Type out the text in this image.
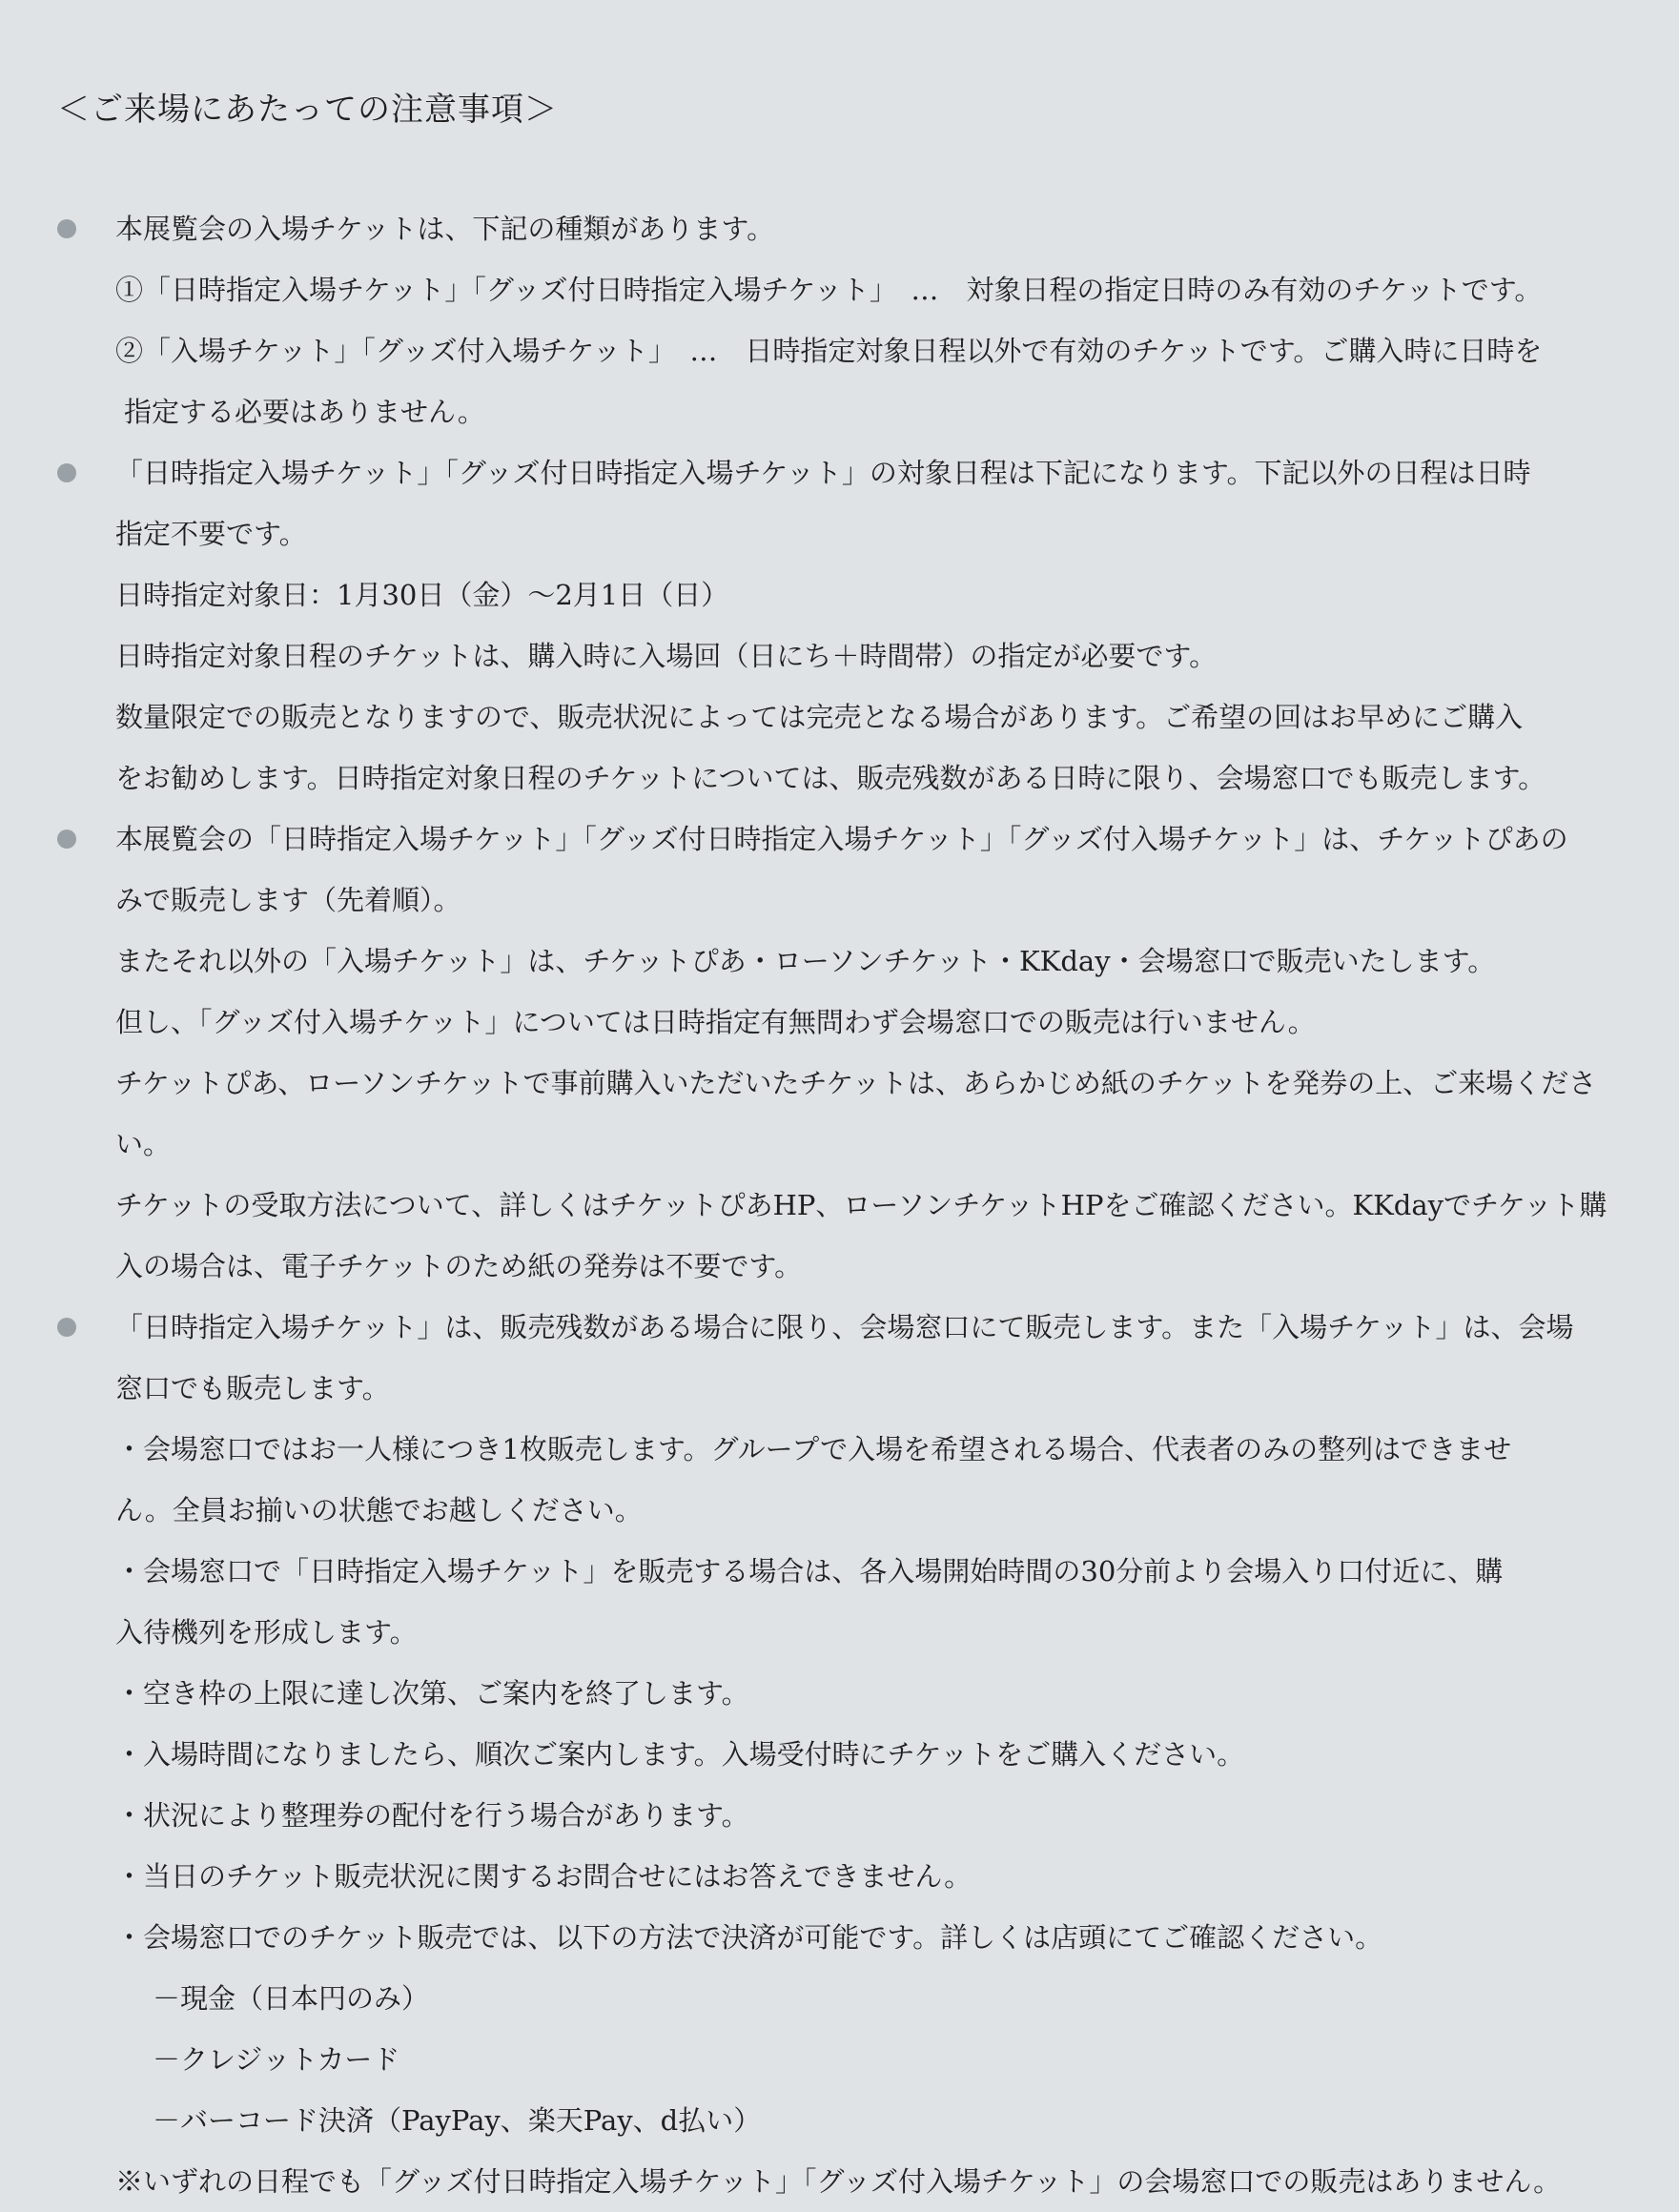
＜ご来場にあたっての注意事項＞
本展覧会の入場チケットは、下記の種類があります。
①「日時指定入場チケット」「グッズ付日時指定入場チケット」　…　対象日程の指定日時のみ有効のチケットです。
②「入場チケット」「グッズ付入場チケット」　…　日時指定対象日程以外で有効のチケットです。ご購入時に日時を
指定する必要はありません。
「日時指定入場チケット」「グッズ付日時指定入場チケット」の対象日程は下記になります。下記以外の日程は日時
指定不要です。
日時指定対象日：1月30日（金）～2月1日（日）
日時指定対象日程のチケットは、購入時に入場回（日にち＋時間帯）の指定が必要です。
数量限定での販売となりますので、販売状況によっては完売となる場合があります。ご希望の回はお早めにご購入
をお勧めします。日時指定対象日程のチケットについては、販売残数がある日時に限り、会場窓口でも販売します。
本展覧会の「日時指定入場チケット」「グッズ付日時指定入場チケット」「グッズ付入場チケット」は、チケットぴあの
みで販売します（先着順）。
またそれ以外の「入場チケット」は、チケットぴあ・ローソンチケット・KKday・会場窓口で販売いたします。
但し、「グッズ付入場チケット」については日時指定有無問わず会場窓口での販売は行いません。
チケットぴあ、ローソンチケットで事前購入いただいたチケットは、あらかじめ紙のチケットを発券の上、ご来場くださ
い。
チケットの受取方法について、詳しくはチケットぴあHP、ローソンチケットHPをご確認ください。KKdayでチケット購
入の場合は、電子チケットのため紙の発券は不要です。
「日時指定入場チケット」は、販売残数がある場合に限り、会場窓口にて販売します。また「入場チケット」は、会場
窓口でも販売します。
・会場窓口ではお一人様につき1枚販売します。グループで入場を希望される場合、代表者のみの整列はできませ
ん。全員お揃いの状態でお越しください。
・会場窓口で「日時指定入場チケット」を販売する場合は、各入場開始時間の30分前より会場入り口付近に、購
入待機列を形成します。
・空き枠の上限に達し次第、ご案内を終了します。
・入場時間になりましたら、順次ご案内します。入場受付時にチケットをご購入ください。
・状況により整理券の配付を行う場合があります。
・当日のチケット販売状況に関するお問合せにはお答えできません。
・会場窓口でのチケット販売では、以下の方法で決済が可能です。詳しくは店頭にてご確認ください。
－現金（日本円のみ）
－クレジットカード
－バーコード決済（PayPay、楽天Pay、d払い）
※いずれの日程でも「グッズ付日時指定入場チケット」「グッズ付入場チケット」の会場窓口での販売はありません。
